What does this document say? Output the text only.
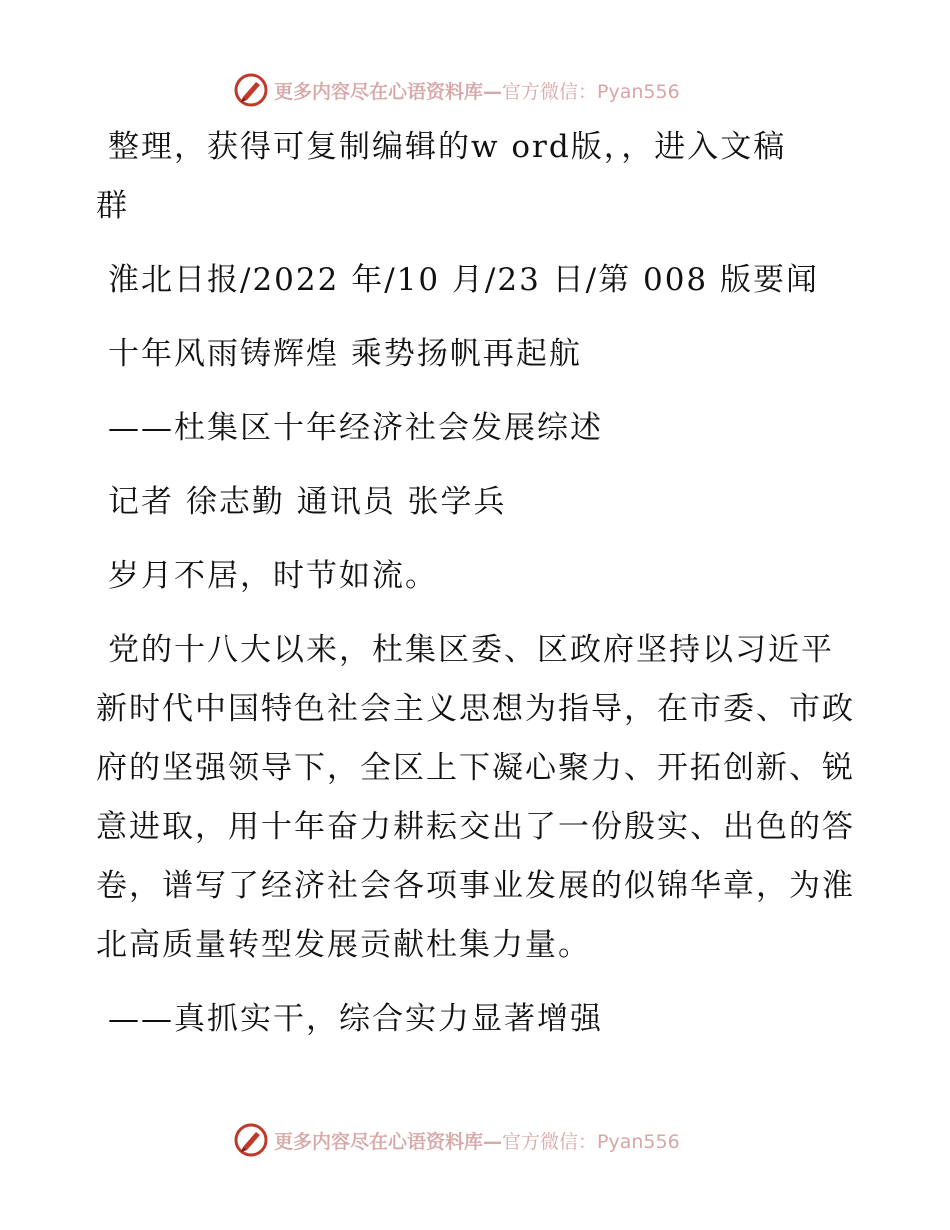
更多内容尽在心语资料库— 官方微信：Pyan556

整理，获得可复制编辑的w ord版，，进入文稿

群

淮北日报/2022 年/10 月/23 日/第 008 版要闻

十年风雨铸辉煌 乘势扬帆再起航

——杜集区十年经济社会发展综述

记者 徐志勤 通讯员 张学兵

岁月不居，时节如流。

党的十八大以来，杜集区委、区政府坚持以习近平新时代中国特色社会主义思想为指导，在市委、市政府的坚强领导下，全区上下凝心聚力、开拓创新、锐意进取，用十年奋力耕耘交出了一份殷实、出色的答卷，谱写了经济社会各项事业发展的似锦华章，为淮北高质量转型发展贡献杜集力量。

——真抓实干，综合实力显著增强

更多内容尽在心语资料库— 官方微信：Pyan556
